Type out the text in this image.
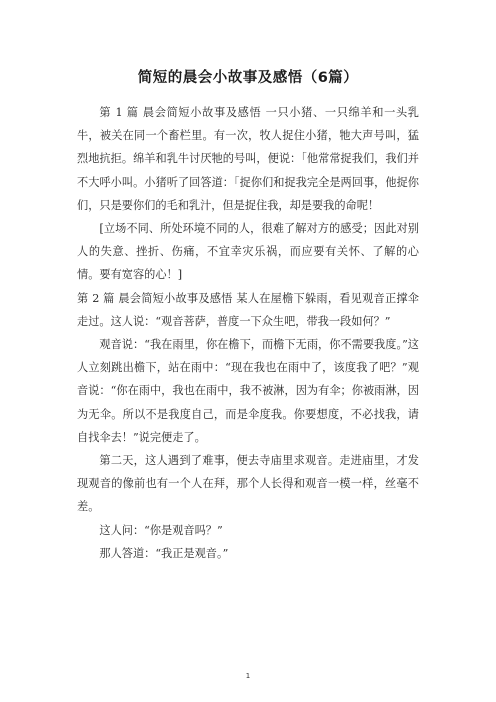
简短的晨会小故事及感悟（6篇）

第 1 篇 晨会简短小故事及感悟 一只小猪、一只绵羊和一头乳牛，被关在同一个畜栏里。有一次，牧人捉住小猪，牠大声号叫，猛烈地抗拒。绵羊和乳牛讨厌牠的号叫，便说：「他常常捉我们，我们并不大呼小叫。小猪听了回答道：「捉你们和捉我完全是两回事，他捉你们，只是要你们的毛和乳汁，但是捉住我，却是要我的命呢！

[立场不同、所处环境不同的人，很难了解对方的感受；因此对别人的失意、挫折、伤痛，不宜幸灾乐祸，而应要有关怀、了解的心情。要有宽容的心！]

第 2 篇 晨会简短小故事及感悟 某人在屋檐下躲雨，看见观音正撑伞走过。这人说：“观音菩萨，普度一下众生吧，带我一段如何？”

观音说：“我在雨里，你在檐下，而檐下无雨，你不需要我度。”这人立刻跳出檐下，站在雨中：“现在我也在雨中了，该度我了吧？”观音说：“你在雨中，我也在雨中，我不被淋，因为有伞；你被雨淋，因为无伞。所以不是我度自己，而是伞度我。你要想度，不必找我，请自找伞去！”说完便走了。

第二天，这人遇到了难事，便去寺庙里求观音。走进庙里，才发现观音的像前也有一个人在拜，那个人长得和观音一模一样，丝毫不差。

这人问：“你是观音吗？”

那人答道：“我正是观音。”

1
